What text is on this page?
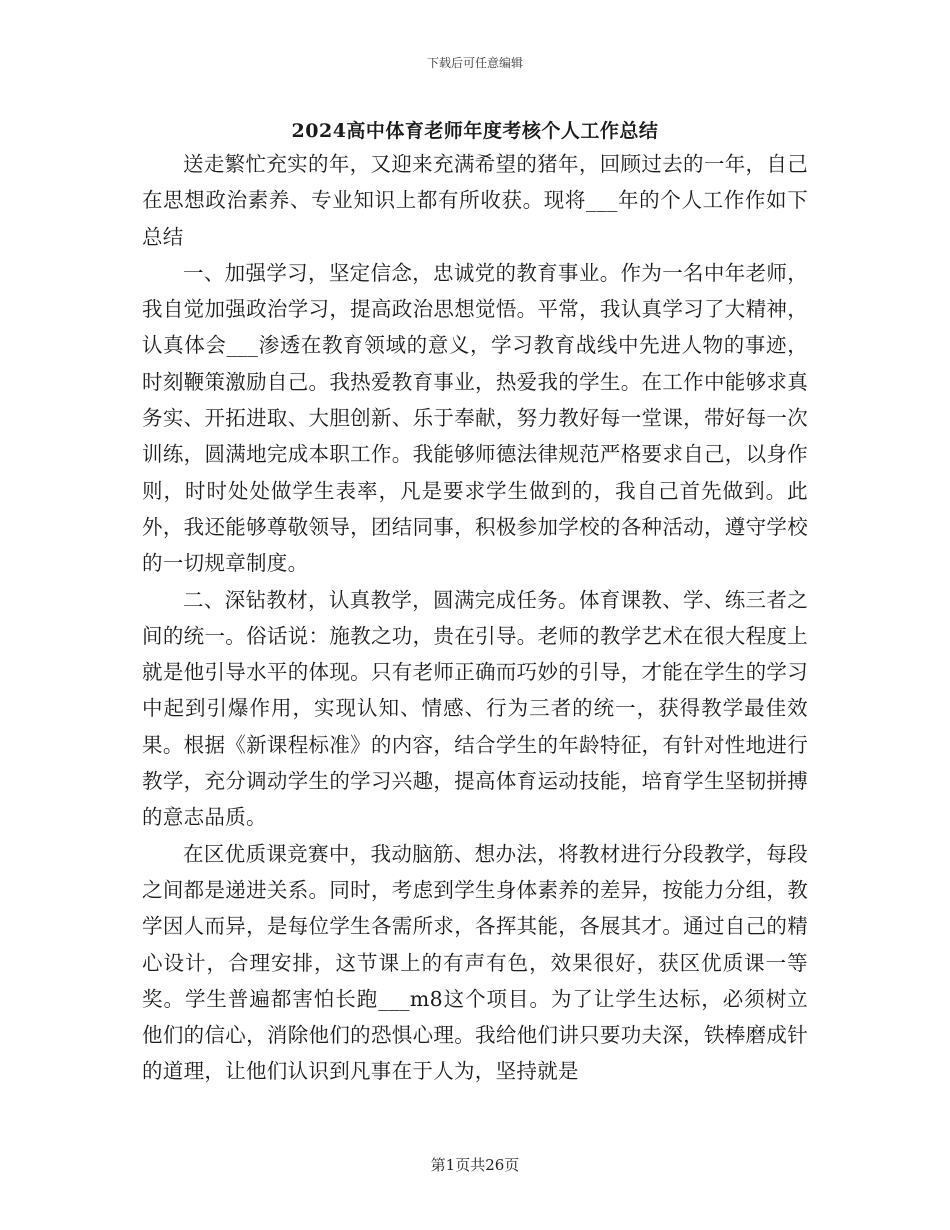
下载后可任意编辑
2024高中体育老师年度考核个人工作总结

送走繁忙充实的年，又迎来充满希望的猪年，回顾过去的一年，自己在思想政治素养、专业知识上都有所收获。现将___年的个人工作作如下总结

一、加强学习，坚定信念，忠诚党的教育事业。作为一名中年老师，我自觉加强政治学习，提高政治思想觉悟。平常，我认真学习了大精神，认真体会___渗透在教育领域的意义，学习教育战线中先进人物的事迹，时刻鞭策激励自己。我热爱教育事业，热爱我的学生。在工作中能够求真务实、开拓进取、大胆创新、乐于奉献，努力教好每一堂课，带好每一次训练，圆满地完成本职工作。我能够师德法律规范严格要求自己，以身作则，时时处处做学生表率，凡是要求学生做到的，我自己首先做到。此外，我还能够尊敬领导，团结同事，积极参加学校的各种活动，遵守学校的一切规章制度。

二、深钻教材，认真教学，圆满完成任务。体育课教、学、练三者之间的统一。俗话说：施教之功，贵在引导。老师的教学艺术在很大程度上就是他引导水平的体现。只有老师正确而巧妙的引导，才能在学生的学习中起到引爆作用，实现认知、情感、行为三者的统一，获得教学最佳效果。根据《新课程标准》的内容，结合学生的年龄特征，有针对性地进行教学，充分调动学生的学习兴趣，提高体育运动技能，培育学生坚韧拼搏的意志品质。

在区优质课竞赛中，我动脑筋、想办法，将教材进行分段教学，每段之间都是递进关系。同时，考虑到学生身体素养的差异，按能力分组，教学因人而异，是每位学生各需所求，各挥其能，各展其才。通过自己的精心设计，合理安排，这节课上的有声有色，效果很好，获区优质课一等奖。学生普遍都害怕长跑___m8这个项目。为了让学生达标，必须树立他们的信心，消除他们的恐惧心理。我给他们讲只要功夫深，铁棒磨成针的道理，让他们认识到凡事在于人为，坚持就是

第1页共26页
